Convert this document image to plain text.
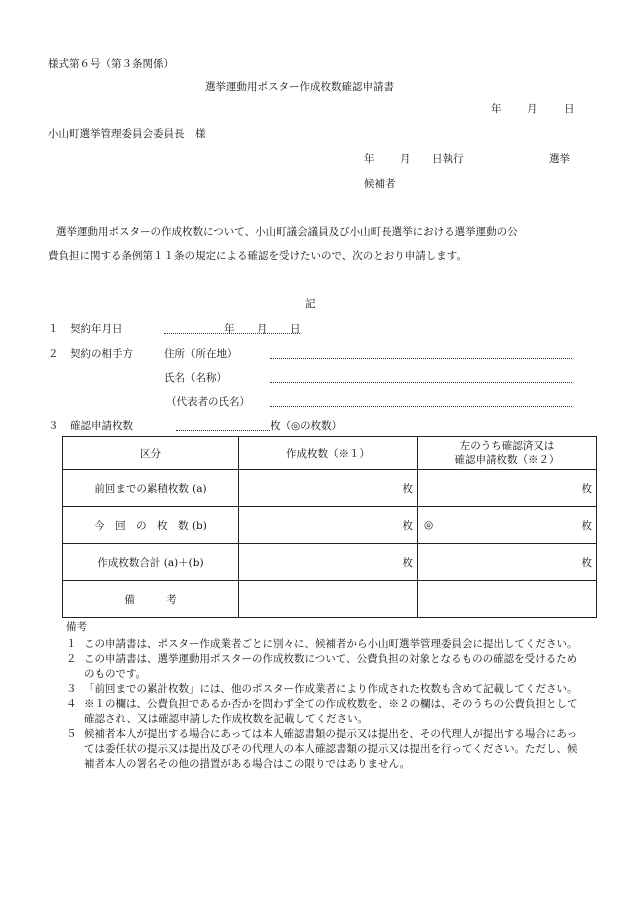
様式第６号（第３条関係）
選挙運動用ポスター作成枚数確認申請書
年 月	日
小山町選挙管理委員会委員長　様
年 月 日執行	選挙
候補者
選挙運動用ポスターの作成枚数について、小山町議会議員及び小山町長選挙における選挙運動の公
費負担に関する条例第１１条の規定による確認を受けたいので、次のとおり申請します。
記
１ 契約年月日	年 月 日
２ 契約の相手方	住所（所在地）
氏名（名称）
（代表者の氏名）
３ 確認申請枚数	枚（◎の枚数）
区分	作成枚数（※１）	左のうち確認済又は
確認申請枚数（※２）

前回までの累積枚数 (a)	枚	枚
今　回　の　枚　数 (b)	枚	◎ 枚
作成枚数合計 (a)＋(b)	枚	枚
備　　　考		
備考
１ この申請書は、ポスター作成業者ごとに別々に、候補者から小山町選挙管理委員会に提出してください。
２ この申請書は、選挙運動用ポスターの作成枚数について、公費負担の対象となるものの確認を受けるためのものです。
３ 「前回までの累計枚数」には、他のポスター作成業者により作成された枚数も含めて記載してください。
４ ※１の欄は、公費負担であるか否かを問わず全ての作成枚数を、※２の欄は、そのうちの公費負担として確認され、又は確認申請した作成枚数を記載してください。
５ 候補者本人が提出する場合にあっては本人確認書類の提示又は提出を、その代理人が提出する場合にあっては委任状の提示又は提出及びその代理人の本人確認書類の提示又は提出を行ってください。ただし、候補者本人の署名その他の措置がある場合はこの限りではありません。
